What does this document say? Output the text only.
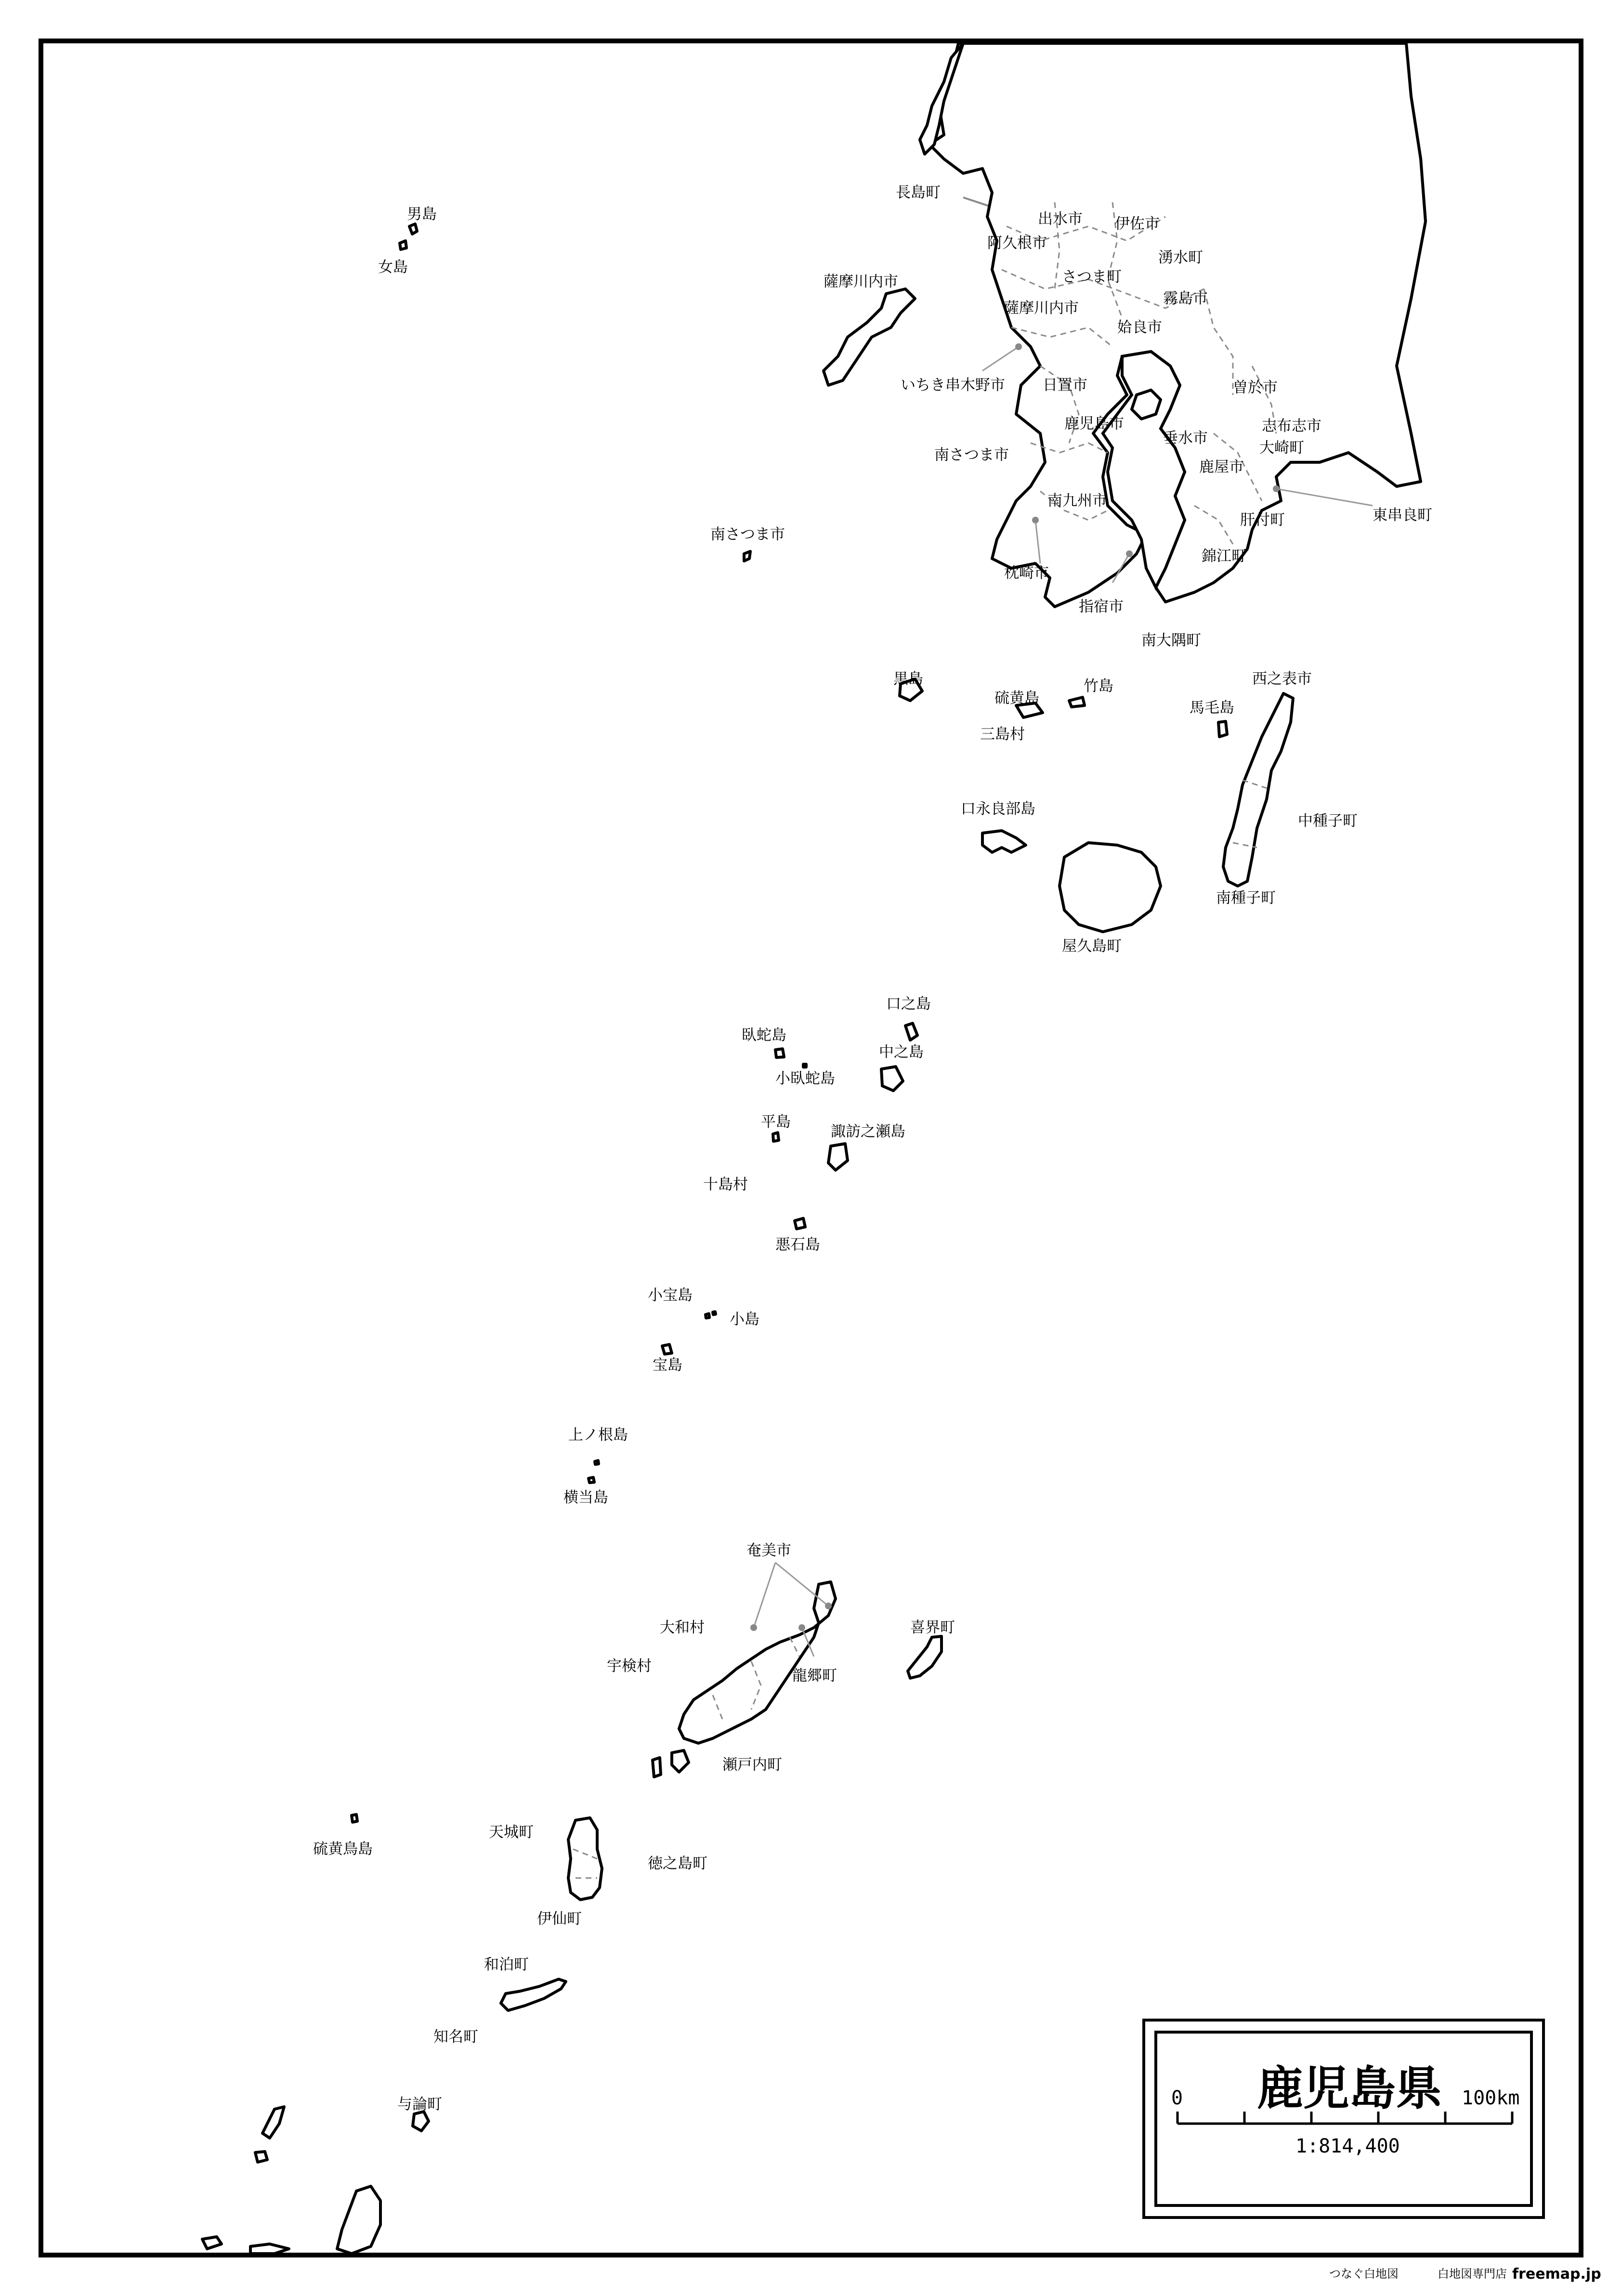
長島町
出水市 伊佐市
阿久根市
薩摩川内市	さつま町
湧水町
薩摩川内市
霧島市
姶良市
いちき串木野市	日置市	曽於市
鹿児島市	志布志市
垂水市
大崎町
南さつま市
鹿屋市
東串良町
南九州市
肝付町
南さつま市
錦江町
枕崎市
指宿市
南大隅町
男島
女島
黒島
硫黄島
竹島
三島村
西之表市
馬毛島
口永良部島
中種子町
南種子町
屋久島町
口之島
臥蛇島
中之島
小臥蛇島
平島
諏訪之瀬島
十島村
悪石島
小宝島
小島
宝島
上ノ根島
横当島
奄美市
大和村	喜界町
宇検村
龍郷町
瀬戸内町
硫黄鳥島
天城町
徳之島町
伊仙町
和泊町
知名町
与論町	鹿児島県
0	100km
1:814,400
つなぐ白地図	白地図専門店 freemap.jp
